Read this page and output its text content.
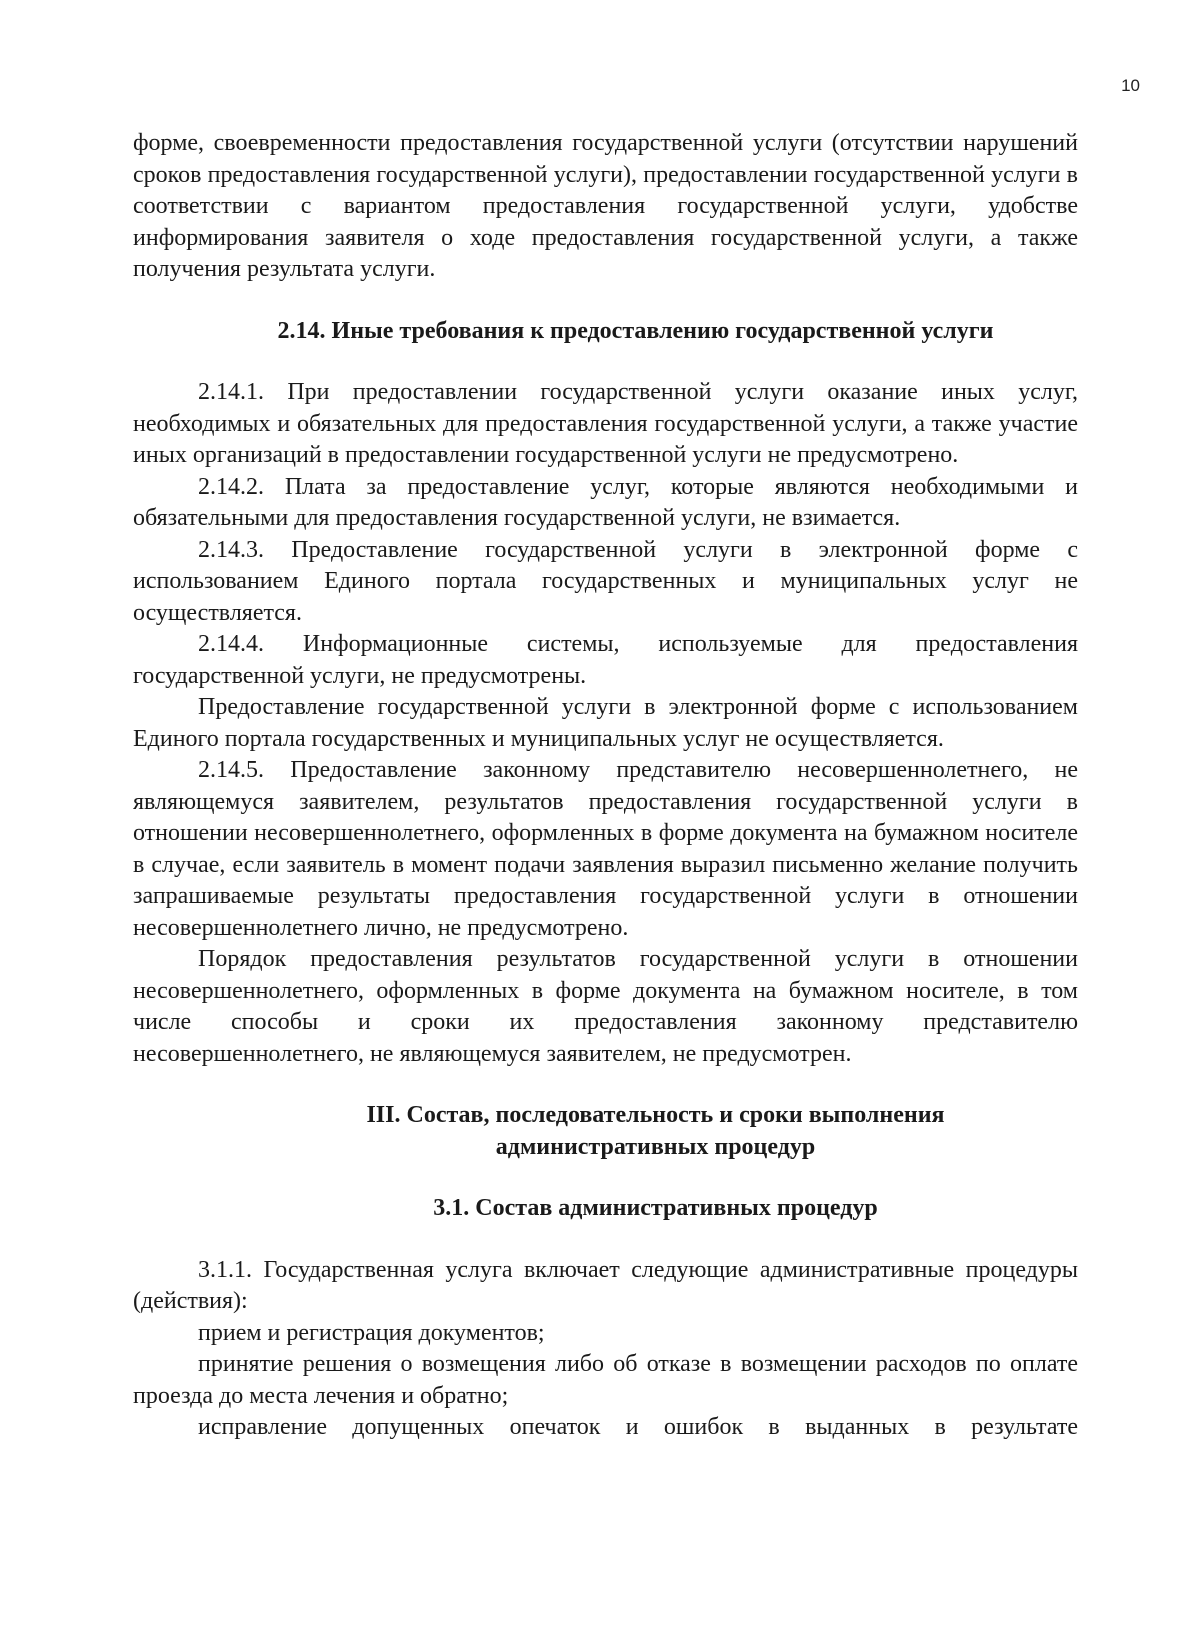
10

форме, своевременности предоставления государственной услуги (отсутствии нарушений сроков предоставления государственной услуги), предоставлении государственной услуги в соответствии с вариантом предоставления государственной услуги, удобстве информирования заявителя о ходе предоставления государственной услуги, а также получения результата услуги.

2.14. Иные требования к предоставлению государственной услуги

2.14.1. При предоставлении государственной услуги оказание иных услуг, необходимых и обязательных для предоставления государственной услуги, а также участие иных организаций в предоставлении государственной услуги не предусмотрено.

2.14.2. Плата за предоставление услуг, которые являются необходимыми и обязательными для предоставления государственной услуги, не взимается.

2.14.3. Предоставление государственной услуги в электронной форме с использованием Единого портала государственных и муниципальных услуг не осуществляется.

2.14.4. Информационные системы, используемые для предоставления государственной услуги, не предусмотрены.

Предоставление государственной услуги в электронной форме с использованием Единого портала государственных и муниципальных услуг не осуществляется.

2.14.5. Предоставление законному представителю несовершеннолетнего, не являющемуся заявителем, результатов предоставления государственной услуги в отношении несовершеннолетнего, оформленных в форме документа на бумажном носителе в случае, если заявитель в момент подачи заявления выразил письменно желание получить запрашиваемые результаты предоставления государственной услуги в отношении несовершеннолетнего лично, не предусмотрено.

Порядок предоставления результатов государственной услуги в отношении несовершеннолетнего, оформленных в форме документа на бумажном носителе, в том числе способы и сроки их предоставления законному представителю несовершеннолетнего, не являющемуся заявителем, не предусмотрен.

III. Состав, последовательность и сроки выполнения
административных процедур

3.1. Состав административных процедур

3.1.1. Государственная услуга включает следующие административные процедуры (действия):

прием и регистрация документов;

принятие решения о возмещения либо об отказе в возмещении расходов по оплате проезда до места лечения и обратно;

исправление допущенных опечаток и ошибок в выданных в результате
